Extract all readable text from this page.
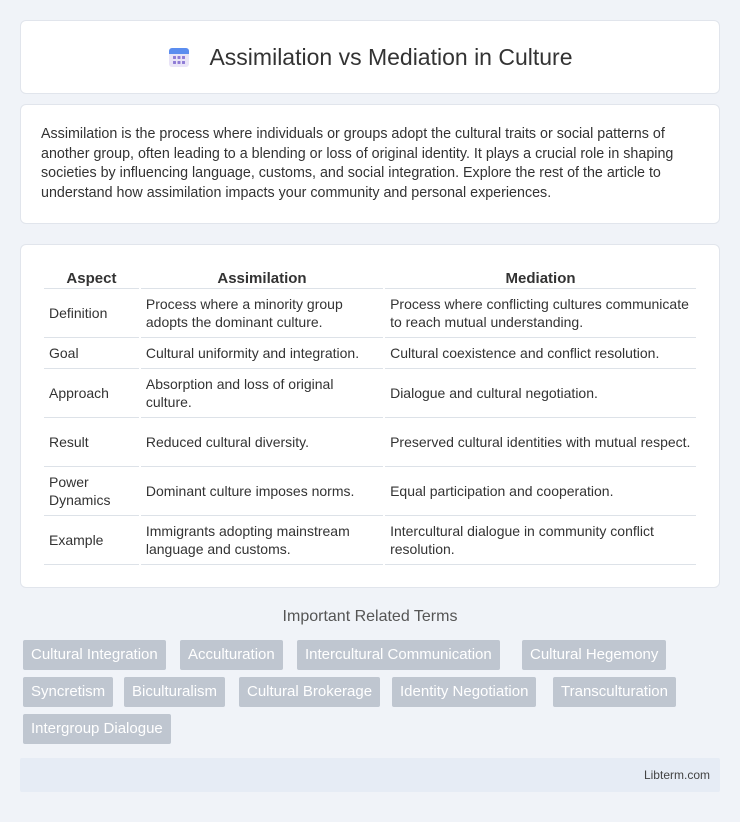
Assimilation vs Mediation in Culture

Assimilation is the process where individuals or groups adopt the cultural traits or social patterns of another group, often leading to a blending or loss of original identity. It plays a crucial role in shaping societies by influencing language, customs, and social integration. Explore the rest of the article to understand how assimilation impacts your community and personal experiences.

Aspect	Assimilation	Mediation
Definition	Process where a minority group adopts the dominant culture.	Process where conflicting cultures communicate to reach mutual understanding.
Goal	Cultural uniformity and integration.	Cultural coexistence and conflict resolution.
Approach	Absorption and loss of original culture.	Dialogue and cultural negotiation.
Result	Reduced cultural diversity.	Preserved cultural identities with mutual respect.
Power Dynamics	Dominant culture imposes norms.	Equal participation and cooperation.
Example	Immigrants adopting mainstream language and customs.	Intercultural dialogue in community conflict resolution.
Important Related Terms
Cultural Integration	Acculturation	Intercultural Communication	Cultural Hegemony
Syncretism	Biculturalism	Cultural Brokerage	Identity Negotiation	Transculturation
Intergroup Dialogue
Libterm.com
